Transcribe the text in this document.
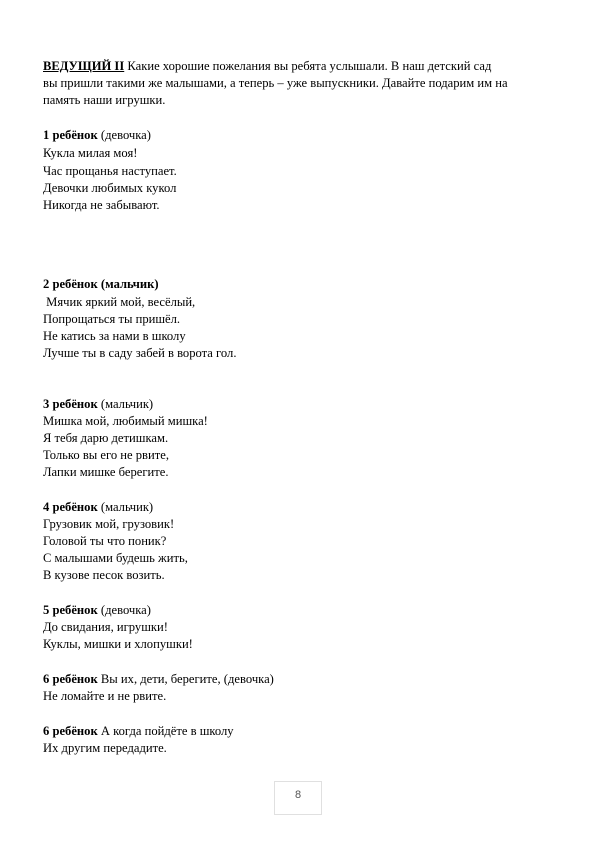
ВЕДУЩИЙ II Какие хорошие пожелания вы ребята услышали. В наш детский сад
вы пришли такими же малышами, а теперь – уже выпускники. Давайте подарим им на
память наши игрушки.
1 ребёнок (девочка)
Кукла милая моя!
Час прощанья наступает.
Девочки любимых кукол
Никогда не забывают.
2 ребёнок (мальчик)
Мячик яркий мой, весёлый,
Попрощаться ты пришёл.
Не катись за нами в школу
Лучше ты в саду забей в ворота гол.
3 ребёнок (мальчик)
Мишка мой, любимый мишка!
Я тебя дарю детишкам.
Только вы его не рвите,
Лапки мишке берегите.
4 ребёнок (мальчик)
Грузовик мой, грузовик!
Головой ты что поник?
С малышами будешь жить,
В кузове песок возить.
5 ребёнок (девочка)
До свидания, игрушки!
Куклы, мишки и хлопушки!
6 ребёнок Вы их, дети, берегите, (девочка)
Не ломайте и не рвите.
6 ребёнок А когда пойдёте в школу
Их другим передадите.
8
